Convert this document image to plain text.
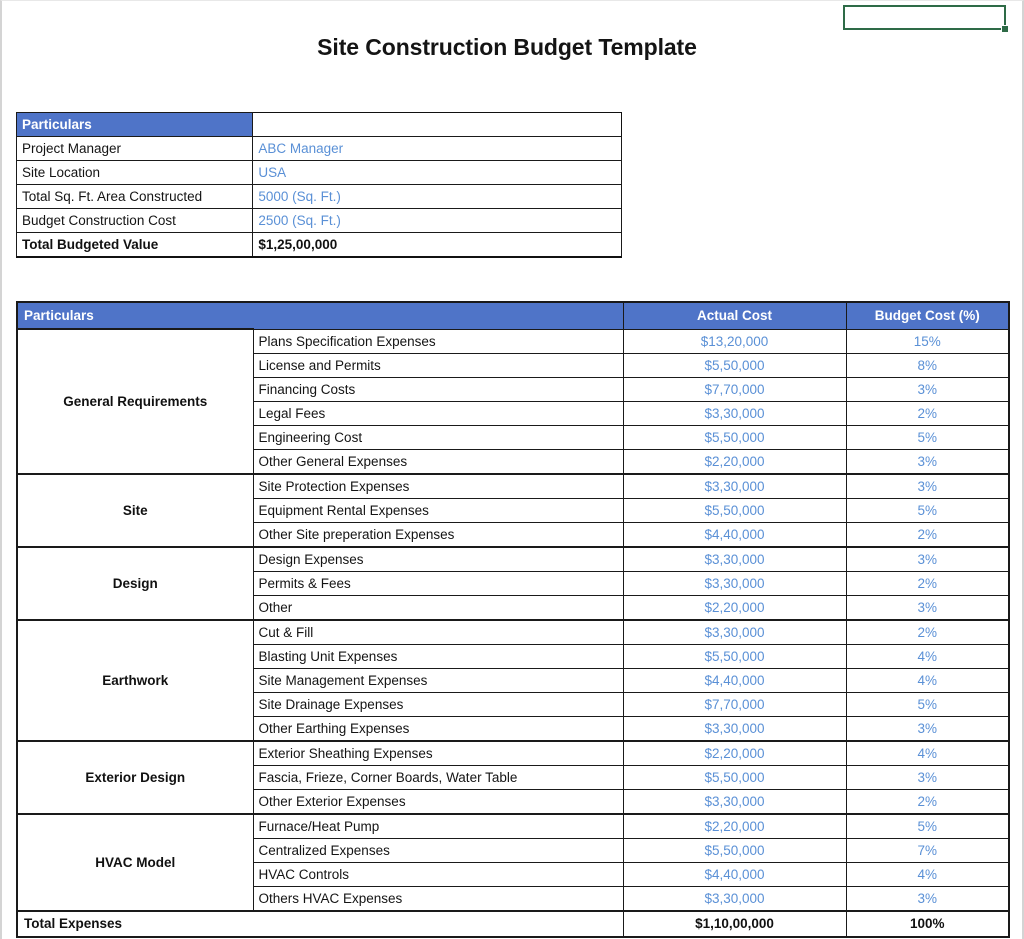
Site Construction Budget Template
Particulars	
Project Manager	ABC Manager
Site Location	USA
Total Sq. Ft. Area Constructed	5000 (Sq. Ft.)
Budget Construction Cost	2500 (Sq. Ft.)
Total Budgeted Value	$1,25,00,000
Particulars		Actual Cost	Budget Cost (%)
General Requirements	Plans Specification Expenses	$13,20,000	15%
	License and Permits	$5,50,000	8%
	Financing Costs	$7,70,000	3%
	Legal Fees	$3,30,000	2%
	Engineering Cost	$5,50,000	5%
	Other General Expenses	$2,20,000	3%
Site	Site Protection Expenses	$3,30,000	3%
	Equipment Rental Expenses	$5,50,000	5%
	Other Site preperation Expenses	$4,40,000	2%
Design	Design Expenses	$3,30,000	3%
	Permits & Fees	$3,30,000	2%
	Other	$2,20,000	3%
Earthwork	Cut & Fill	$3,30,000	2%
	Blasting Unit Expenses	$5,50,000	4%
	Site Management Expenses	$4,40,000	4%
	Site Drainage Expenses	$7,70,000	5%
	Other Earthing Expenses	$3,30,000	3%
Exterior Design	Exterior Sheathing Expenses	$2,20,000	4%
	Fascia, Frieze, Corner Boards, Water Table	$5,50,000	3%
	Other Exterior Expenses	$3,30,000	2%
HVAC Model	Furnace/Heat Pump	$2,20,000	5%
	Centralized Expenses	$5,50,000	7%
	HVAC Controls	$4,40,000	4%
	Others HVAC Expenses	$3,30,000	3%
Total Expenses		$1,10,00,000	100%
